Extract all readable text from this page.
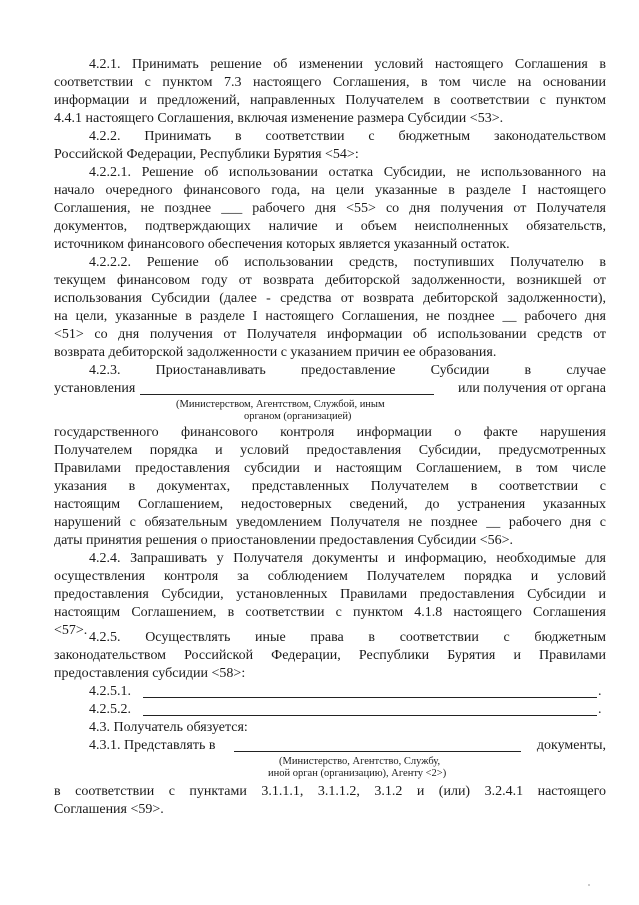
4.2.1. Принимать решение об изменении условий настоящего Соглашения в
соответствии с пунктом 7.3 настоящего Соглашения, в том числе на основании
информации и предложений, направленных Получателем в соответствии с пунктом
4.4.1 настоящего Соглашения, включая изменение размера Субсидии <53>.
4.2.2. Принимать в соответствии с бюджетным законодательством
Российской Федерации, Республики Бурятия <54>:
4.2.2.1. Решение об использовании остатка Субсидии, не использованного на
начало очередного финансового года, на цели указанные в разделе I настоящего
Соглашения, не позднее ___ рабочего дня <55> со дня получения от Получателя
документов, подтверждающих наличие и объем неисполненных обязательств,
источником финансового обеспечения которых является указанный остаток.
4.2.2.2. Решение об использовании средств, поступивших Получателю в
текущем финансовом году от возврата дебиторской задолженности, возникшей от
использования Субсидии (далее - средства от возврата дебиторской задолженности),
на цели, указанные в разделе I настоящего Соглашения, не позднее __ рабочего дня
<51> со дня получения от Получателя информации об использовании средств от
возврата дебиторской задолженности с указанием причин ее образования.
4.2.3. Приостанавливать предоставление Субсидии в случае
установления	или получения от органа
(Министерством, Агентством, Службой, иным
органом (организацией)
государственного финансового контроля информации о факте нарушения
Получателем порядка и условий предоставления Субсидии, предусмотренных
Правилами предоставления субсидии и настоящим Соглашением, в том числе
указания в документах, представленных Получателем в соответствии с
настоящим Соглашением, недостоверных сведений, до устранения указанных
нарушений с обязательным уведомлением Получателя не позднее __ рабочего дня с
даты принятия решения о приостановлении предоставления Субсидии <56>.
4.2.4. Запрашивать у Получателя документы и информацию, необходимые для
осуществления контроля за соблюдением Получателем порядка и условий
предоставления Субсидии, установленных Правилами предоставления Субсидии и
настоящим Соглашением, в соответствии с пунктом 4.1.8 настоящего Соглашения
<57>. 4.2.5. Осуществлять иные права в соответствии с бюджетным
законодательством Российской Федерации, Республики Бурятия и Правилами
предоставления субсидии <58>:
4.2.5.1.	.
4.2.5.2.	.
4.3. Получатель обязуется:
4.3.1. Представлять в	документы,
(Министерство, Агентство, Службу,
иной орган (организацию), Агенту <2>)
в соответствии с пунктами 3.1.1.1, 3.1.1.2, 3.1.2 и (или) 3.2.4.1 настоящего
Соглашения <59>.
